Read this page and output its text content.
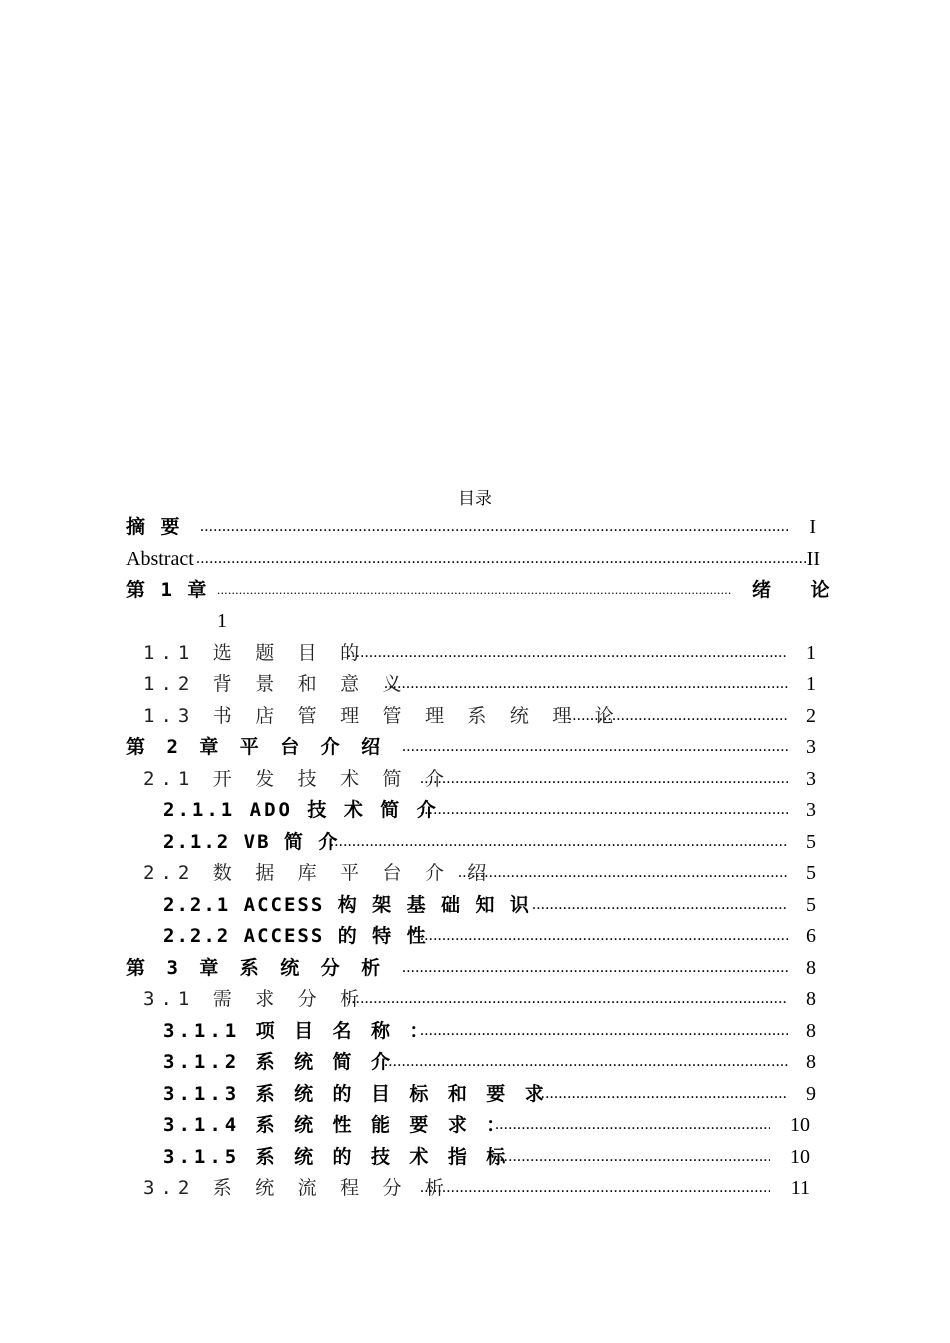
目录
摘 要 .....	I
Abstract .....	II
第 1 章 .....	绪 论
1
1.1 选 题 目 的 .....	1
1.2 背 景 和 意 义 .....	1
1.3 书 店 管 理 管 理 系 统 理 论 .....	2
第 2 章 平 台 介 绍 .....	3
2.1 开 发 技 术 简 介 .....	3
2.1.1 ADO 技 术 简 介 .....	3
2.1.2 VB 简 介 .....	5
2.2 数 据 库 平 台 介 绍 .....	5
2.2.1 ACCESS 构 架 基 础 知 识 .....	5
2.2.2 ACCESS 的 特 性 .....	6
第 3 章 系 统 分 析 .....	8
3.1 需 求 分 析 .....	8
3.1.1 项 目 名 称 ： .....	8
3.1.2 系 统 简 介 .....	8
3.1.3 系 统 的 目 标 和 要 求 .....	9
3.1.4 系 统 性 能 要 求 ： .....	10
3.1.5 系 统 的 技 术 指 标 .....	10
3.2 系 统 流 程 分 析 .....	11
